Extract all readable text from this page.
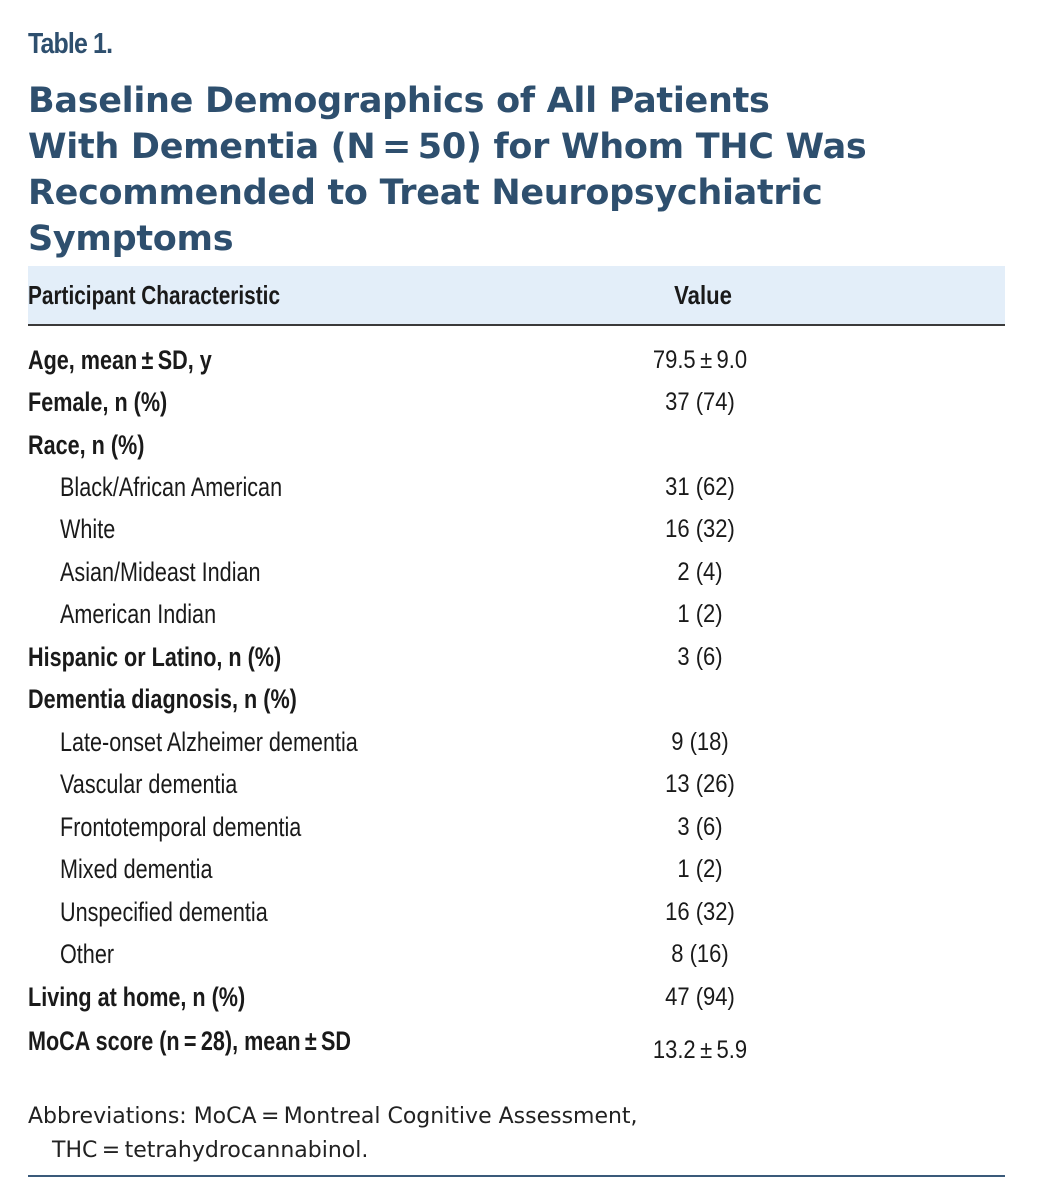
Table 1.
Baseline Demographics of All Patients
With Dementia (N = 50) for Whom THC Was
Recommended to Treat Neuropsychiatric
Symptoms
Participant Characteristic	Value
Age, mean ± SD, y	79.5 ± 9.0
Female, n (%)	37 (74)
Race, n (%)
Black/African American	31 (62)
White	16 (32)
Asian/Mideast Indian	2 (4)
American Indian	1 (2)
Hispanic or Latino, n (%)	3 (6)
Dementia diagnosis, n (%)
Late-onset Alzheimer dementia	9 (18)
Vascular dementia	13 (26)
Frontotemporal dementia	3 (6)
Mixed dementia	1 (2)
Unspecified dementia	16 (32)
Other	8 (16)
Living at home, n (%)	47 (94)
MoCA score (n = 28), mean ± SD	13.2 ± 5.9
Abbreviations: MoCA = Montreal Cognitive Assessment,
THC = tetrahydrocannabinol.
